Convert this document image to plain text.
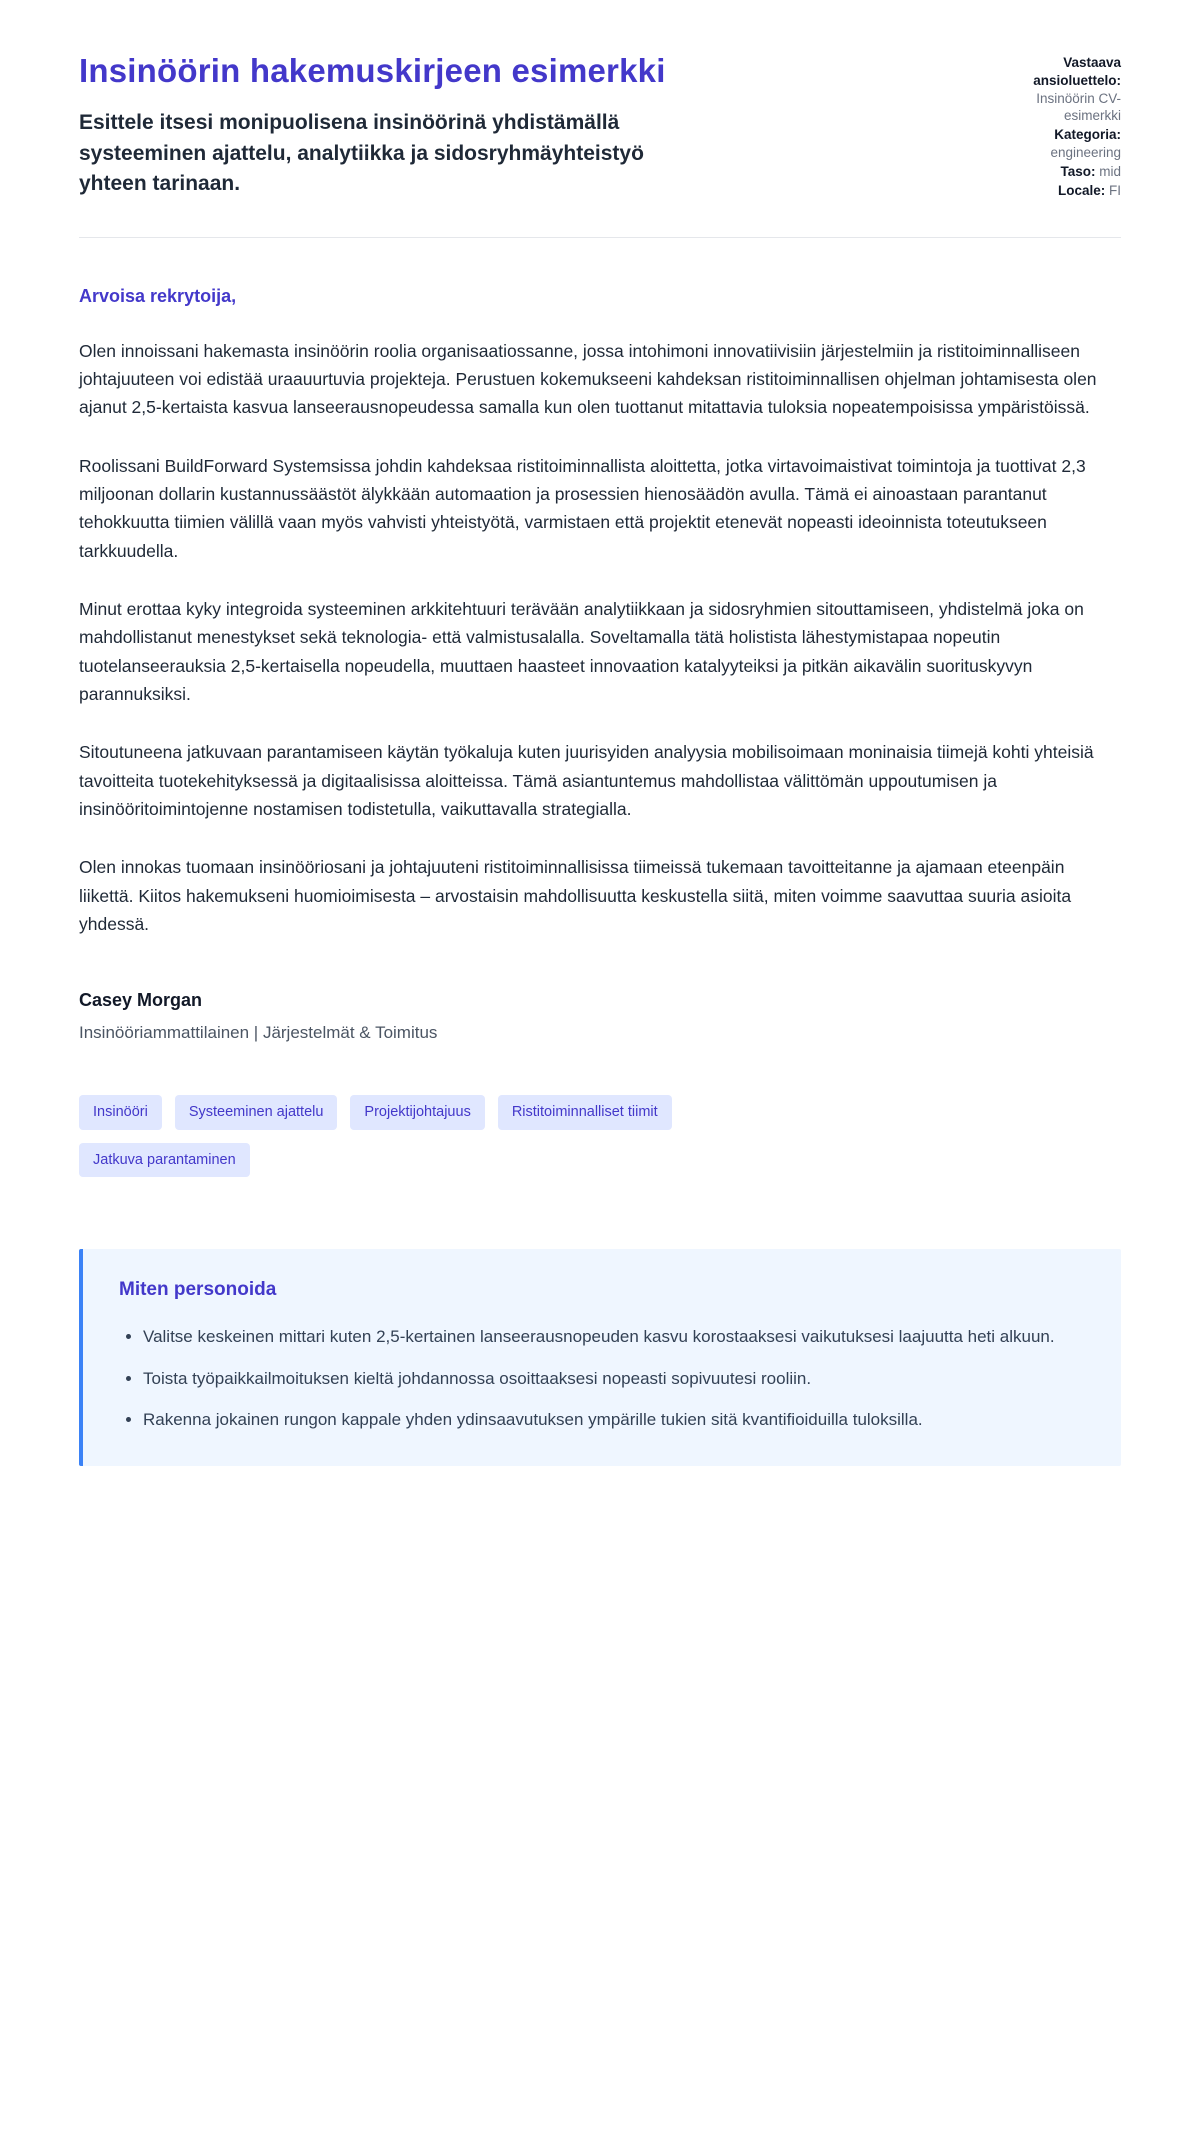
Insinöörin hakemuskirjeen esimerkki

Esittele itsesi monipuolisena insinöörinä yhdistämällä systeeminen ajattelu, analytiikka ja sidosryhmäyhteistyö yhteen tarinaan.

Vastaava ansioluettelo: Insinöörin CV-esimerkki
Kategoria: engineering
Taso: mid
Locale: FI

Arvoisa rekrytoija,

Olen innoissani hakemasta insinöörin roolia organisaatiossanne, jossa intohimoni innovatiivisiin järjestelmiin ja ristitoiminnalliseen johtajuuteen voi edistää uraauurtuvia projekteja. Perustuen kokemukseeni kahdeksan ristitoiminnallisen ohjelman johtamisesta olen ajanut 2,5-kertaista kasvua lanseerausnopeudessa samalla kun olen tuottanut mitattavia tuloksia nopeatempoisissa ympäristöissä.

Roolissani BuildForward Systemsissa johdin kahdeksaa ristitoiminnallista aloittetta, jotka virtavoimaistivat toimintoja ja tuottivat 2,3 miljoonan dollarin kustannussäästöt älykkään automaation ja prosessien hienosäädön avulla. Tämä ei ainoastaan parantanut tehokkuutta tiimien välillä vaan myös vahvisti yhteistyötä, varmistaen että projektit etenevät nopeasti ideoinnista toteutukseen tarkkuudella.

Minut erottaa kyky integroida systeeminen arkkitehtuuri terävään analytiikkaan ja sidosryhmien sitouttamiseen, yhdistelmä joka on mahdollistanut menestykset sekä teknologia- että valmistusalalla. Soveltamalla tätä holistista lähestymistapaa nopeutin tuotelanseerauksia 2,5-kertaisella nopeudella, muuttaen haasteet innovaation katalyyteiksi ja pitkän aikavälin suorituskyvyn parannuksiksi.

Sitoutuneena jatkuvaan parantamiseen käytän työkaluja kuten juurisyiden analyysia mobilisoimaan moninaisia tiimejä kohti yhteisiä tavoitteita tuotekehityksessä ja digitaalisissa aloitteissa. Tämä asiantuntemus mahdollistaa välittömän uppoutumisen ja insinööritoimintojenne nostamisen todistetulla, vaikuttavalla strategialla.

Olen innokas tuomaan insinööriosani ja johtajuuteni ristitoiminnallisissa tiimeissä tukemaan tavoitteitanne ja ajamaan eteenpäin liikettä. Kiitos hakemukseni huomioimisesta – arvostaisin mahdollisuutta keskustella siitä, miten voimme saavuttaa suuria asioita yhdessä.

Casey Morgan

Insinööriammattilainen | Järjestelmät & Toimitus

Insinööri	Systeeminen ajattelu	Projektijohtajuus	Ristitoiminnalliset tiimit
Jatkuva parantaminen
Miten personoida
• Valitse keskeinen mittari kuten 2,5-kertainen lanseerausnopeuden kasvu korostaaksesi vaikutuksesi laajuutta heti alkuun.
• Toista työpaikkailmoituksen kieltä johdannossa osoittaaksesi nopeasti sopivuutesi rooliin.
• Rakenna jokainen rungon kappale yhden ydinsaavutuksen ympärille tukien sitä kvantifioiduilla tuloksilla.
